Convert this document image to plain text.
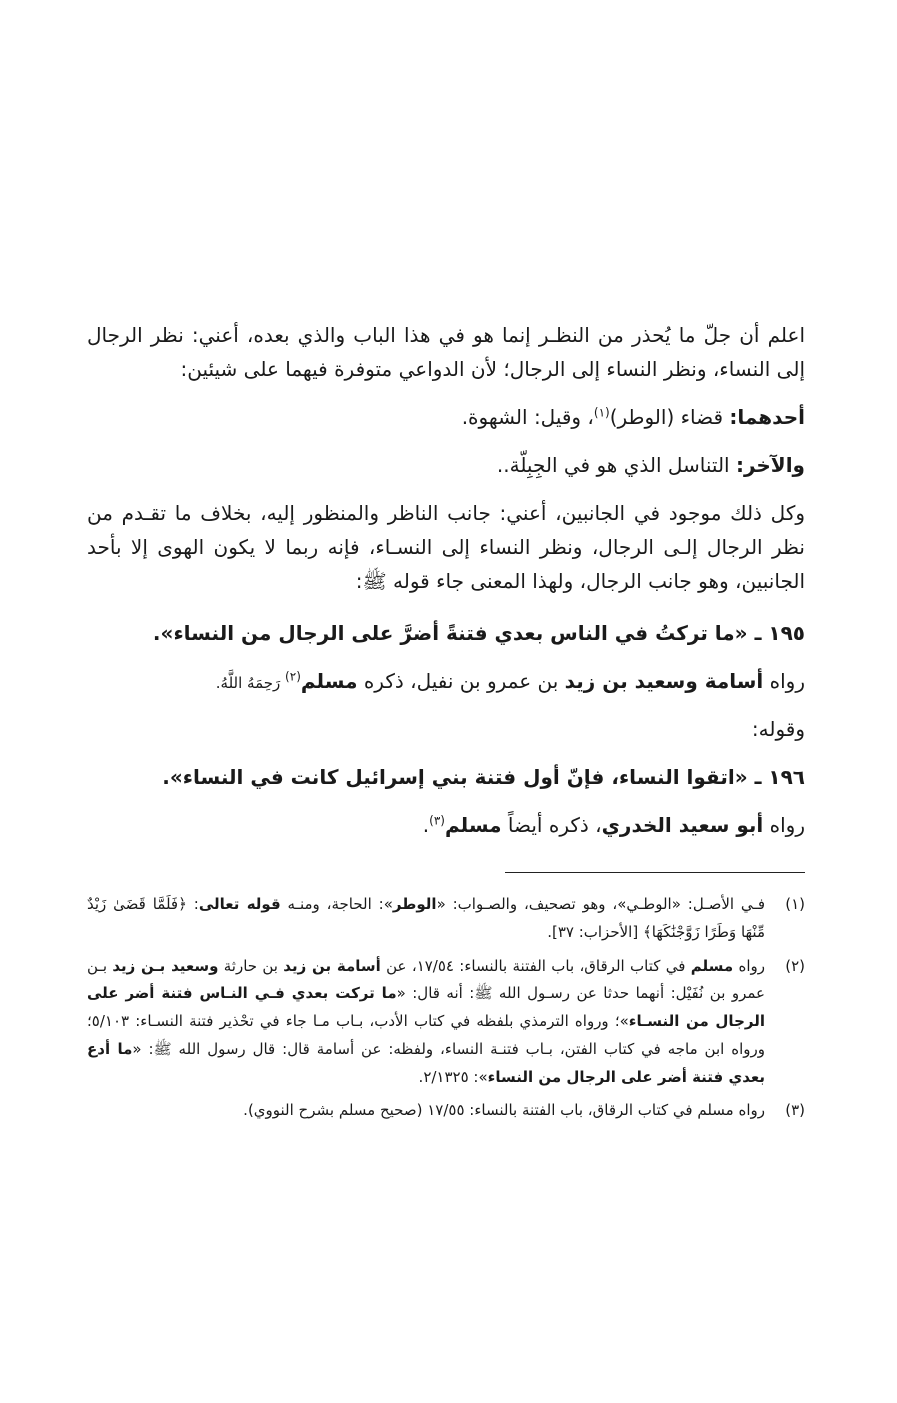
اعلم أن جلّ ما يُحذر من النظـر إنما هو في هذا الباب والذي بعده، أعني: نظر الرجال إلى النساء، ونظر النساء إلى الرجال؛ لأن الدواعي متوفرة فيهما على شيئين:

أحدهما: قضاء (الوطر)$^{(١)}$، وقيل: الشهوة.

والآخر: التناسل الذي هو في الجِبِلّة..

وكل ذلك موجود في الجانبين، أعني: جانب الناظر والمنظور إليه، بخلاف ما تقـدم من نظر الرجال إلـى الرجال، ونظر النساء إلى النسـاء، فإنه ربما لا يكون الهوى إلا بأحد الجانبين، وهو جانب الرجال، ولهذا المعنى جاء قوله ﷺ:

١٩٥ ـ «ما تركتُ في الناس بعدي فتنةً أضرَّ على الرجال من النساء».

رواه أسامة وسعيد بن زيد بن عمرو بن نفيل، ذكره مسلم$^{(٢)}$ رَحِمَهُ اللَّهُ.

وقوله:

١٩٦ ـ «اتقوا النساء، فإنّ أول فتنة بني إسرائيل كانت في النساء».

رواه أبو سعيد الخدري، ذكره أيضاً مسلم$^{(٣)}$.

(١)
فـي الأصـل: «الوطـي»، وهو تصحيف، والصـواب: «الوطر»: الحاجة، ومنـه قوله تعالى: ﴿فَلَمَّا قَضَىٰ زَيْدٌ مِّنْهَا وَطَرًا زَوَّجْنَٰكَهَا﴾ [الأحزاب: ٣٧].
(٢)
رواه مسلم في كتاب الرقاق، باب الفتنة بالنساء: ١٧/٥٤، عن أسامة بن زيد بن حارثة وسعيد بـن زيد بـن عمرو بن نُفَيْل: أنهما حدثا عن رسـول الله ﷺ: أنه قال: «ما تركت بعدي فـي النـاس فتنة أضر على الرجال من النسـاء»؛ ورواه الترمذي بلفظه في كتاب الأدب، بـاب مـا جاء في تحْذير فتنة النسـاء: ٥/١٠٣؛ ورواه ابن ماجه في كتاب الفتن، بـاب فتنـة النساء، ولفظه: عن أسامة قال: قال رسول الله ﷺ: «ما أدع بعدي فتنة أضر على الرجال من النساء»: ٢/١٣٢٥.
(٣)
رواه مسلم في كتاب الرقاق، باب الفتنة بالنساء: ١٧/٥٥ (صحيح مسلم بشرح النووي).
